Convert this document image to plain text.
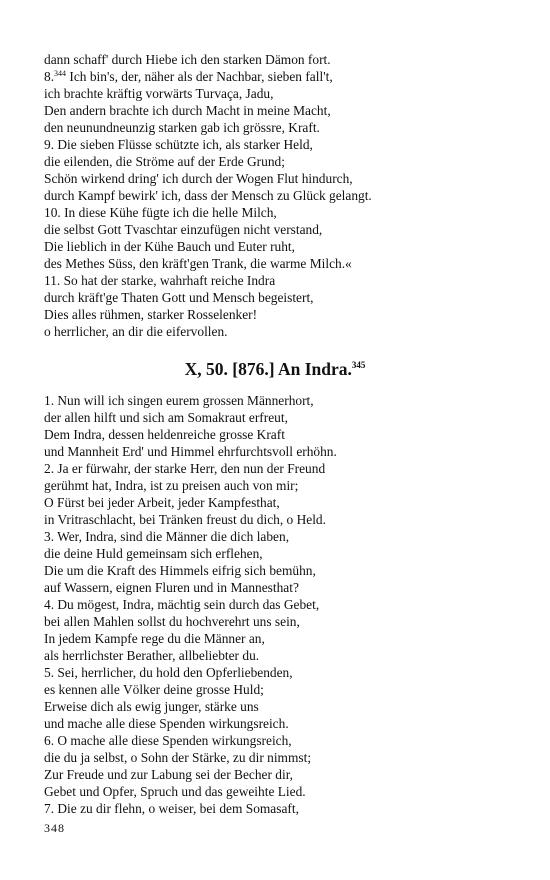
dann schaff' durch Hiebe ich den starken Dämon fort.
8.$^{344}$ Ich bin's, der, näher als der Nachbar, sieben fall't,
ich brachte kräftig vorwärts Turvaça, Jadu,
Den andern brachte ich durch Macht in meine Macht,
den neunundneunzig starken gab ich grössre, Kraft.
9. Die sieben Flüsse schützte ich, als starker Held,
die eilenden, die Ströme auf der Erde Grund;
Schön wirkend dring' ich durch der Wogen Flut hindurch,
durch Kampf bewirk' ich, dass der Mensch zu Glück gelangt.
10. In diese Kühe fügte ich die helle Milch,
die selbst Gott Tvaschtar einzufügen nicht verstand,
Die lieblich in der Kühe Bauch und Euter ruht,
des Methes Süss, den kräft'gen Trank, die warme Milch.«
11. So hat der starke, wahrhaft reiche Indra
durch kräft'ge Thaten Gott und Mensch begeistert,
Dies alles rühmen, starker Rosselenker!
o herrlicher, an dir die eifervollen.
X, 50. [876.] An Indra.$^{345}$
1. Nun will ich singen eurem grossen Männerhort,
der allen hilft und sich am Somakraut erfreut,
Dem Indra, dessen heldenreiche grosse Kraft
und Mannheit Erd' und Himmel ehrfurchtsvoll erhöhn.
2. Ja er fürwahr, der starke Herr, den nun der Freund
gerühmt hat, Indra, ist zu preisen auch von mir;
O Fürst bei jeder Arbeit, jeder Kampfesthat,
in Vritraschlacht, bei Tränken freust du dich, o Held.
3. Wer, Indra, sind die Männer die dich laben,
die deine Huld gemeinsam sich erflehen,
Die um die Kraft des Himmels eifrig sich bemühn,
auf Wassern, eignen Fluren und in Mannesthat?
4. Du mögest, Indra, mächtig sein durch das Gebet,
bei allen Mahlen sollst du hochverehrt uns sein,
In jedem Kampfe rege du die Männer an,
als herrlichster Berather, allbeliebter du.
5. Sei, herrlicher, du hold den Opferliebenden,
es kennen alle Völker deine grosse Huld;
Erweise dich als ewig junger, stärke uns
und mache alle diese Spenden wirkungsreich.
6. O mache alle diese Spenden wirkungsreich,
die du ja selbst, o Sohn der Stärke, zu dir nimmst;
Zur Freude und zur Labung sei der Becher dir,
Gebet und Opfer, Spruch und das geweihte Lied.
7. Die zu dir flehn, o weiser, bei dem Somasaft,
348
